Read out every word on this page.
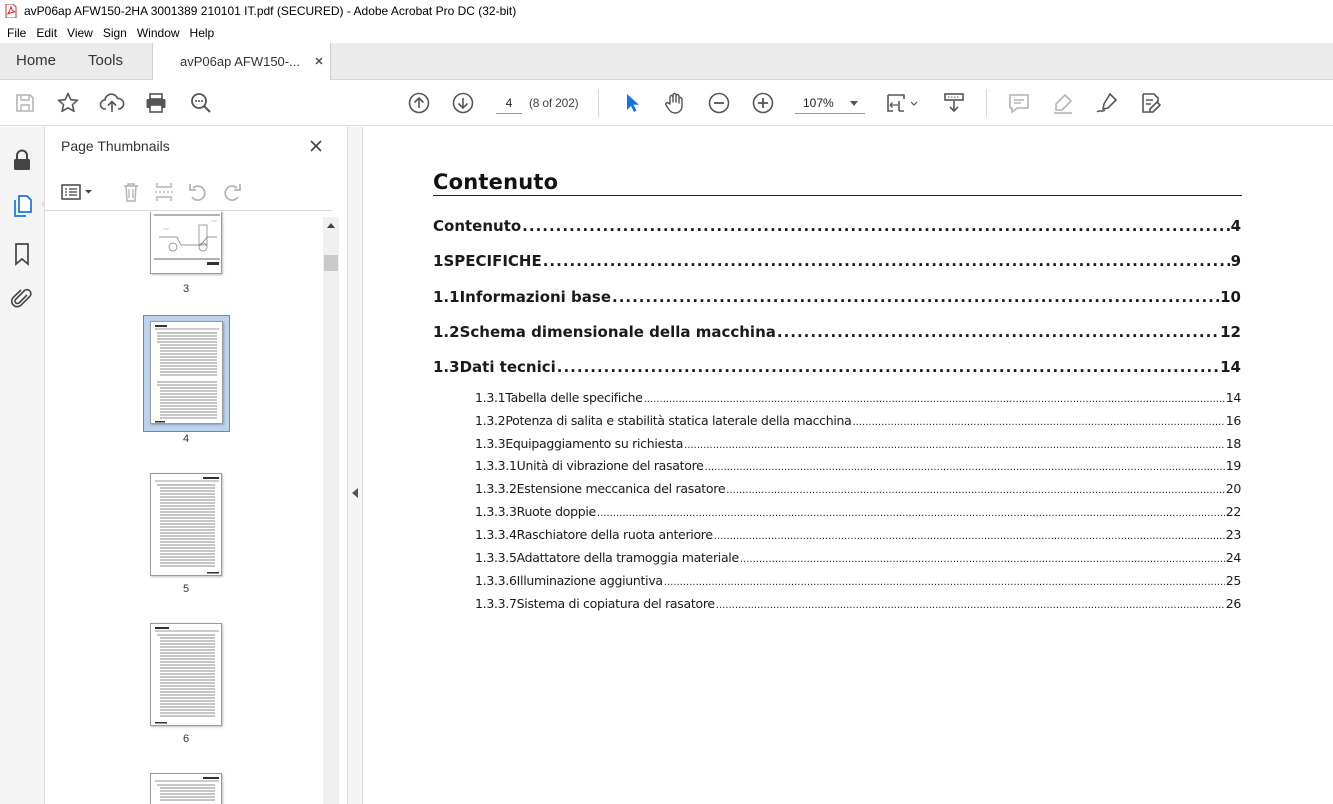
avP06ap AFW150-2HA 3001389 210101 IT.pdf (SECURED) - Adobe Acrobat Pro DC (32-bit)
File Edit View Sign Window Help
Home Tools	avP06ap AFW150-...
4
(8 of 202)	107%
Page Thumbnails
3
4
5
6
Contenuto
Contenuto .....	4
1 SPECIFICHE .....	9
1.1 Informazioni base .....	10
1.2 Schema dimensionale della macchina .....	12
1.3 Dati tecnici .....	14
1.3.1 Tabella delle specifiche .....	14
1.3.2 Potenza di salita e stabilità statica laterale della macchina .....	16
1.3.3 Equipaggiamento su richiesta .....	18
1.3.3.1 Unità di vibrazione del rasatore .....	19
1.3.3.2 Estensione meccanica del rasatore .....	20
1.3.3.3 Ruote doppie .....	22
1.3.3.4 Raschiatore della ruota anteriore .....	23
1.3.3.5 Adattatore della tramoggia materiale .....	24
1.3.3.6 Illuminazione aggiuntiva .....	25
1.3.3.7 Sistema di copiatura del rasatore .....	26
